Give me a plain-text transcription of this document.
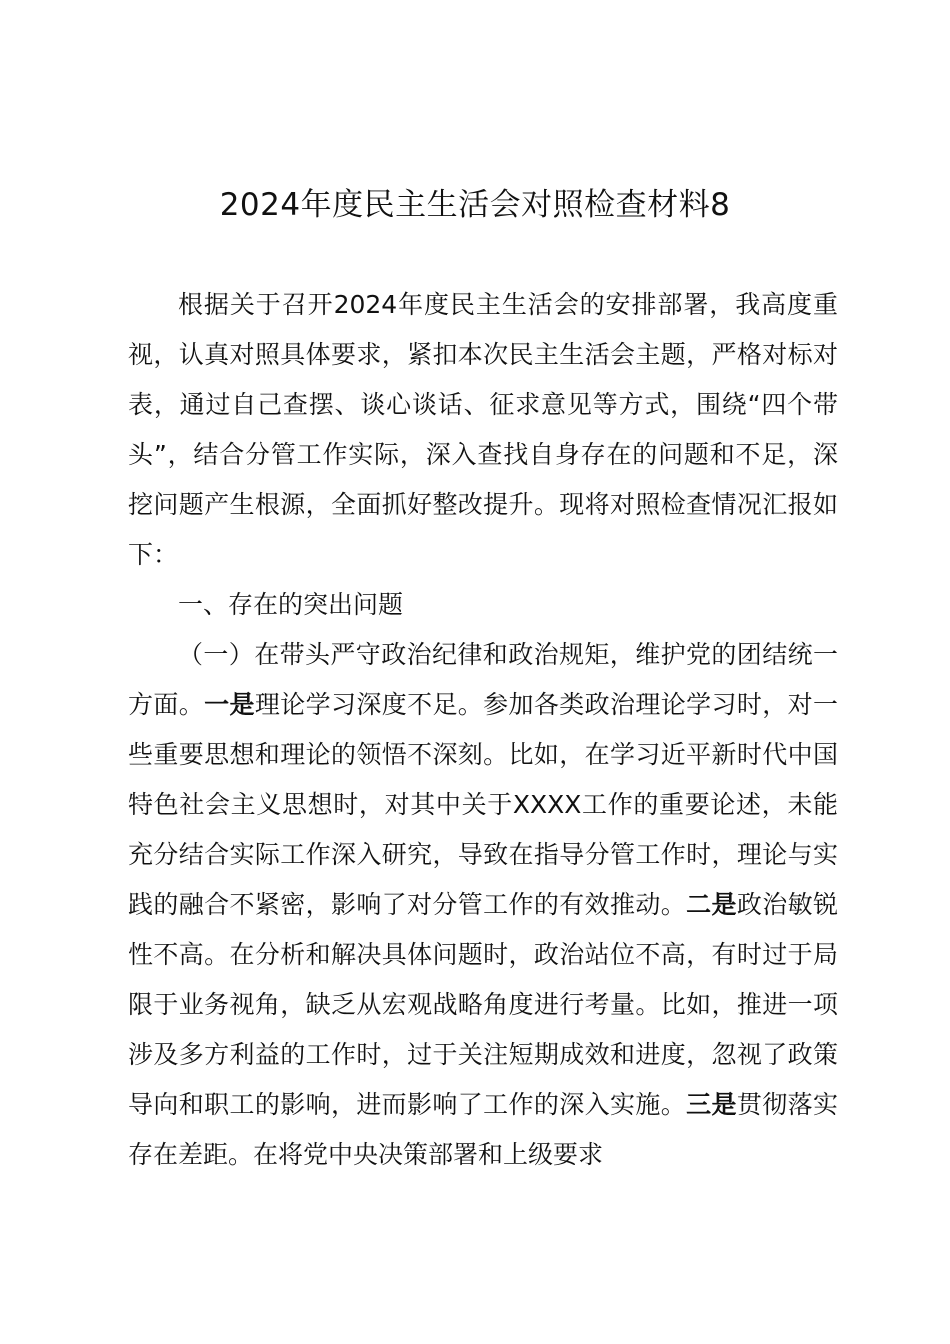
2024年度民主生活会对照检查材料8

根据关于召开2024年度民主生活会的安排部署，我高度重视，认真对照具体要求，紧扣本次民主生活会主题，严格对标对表，通过自己查摆、谈心谈话、征求意见等方式，围绕“四个带头”，结合分管工作实际，深入查找自身存在的问题和不足，深挖问题产生根源，全面抓好整改提升。现将对照检查情况汇报如下：

一、存在的突出问题

（一）在带头严守政治纪律和政治规矩，维护党的团结统一方面。一是理论学习深度不足。参加各类政治理论学习时，对一些重要思想和理论的领悟不深刻。比如，在学习近平新时代中国特色社会主义思想时，对其中关于XXXX工作的重要论述，未能充分结合实际工作深入研究，导致在指导分管工作时，理论与实践的融合不紧密，影响了对分管工作的有效推动。二是政治敏锐性不高。在分析和解决具体问题时，政治站位不高，有时过于局限于业务视角，缺乏从宏观战略角度进行考量。比如，推进一项涉及多方利益的工作时，过于关注短期成效和进度，忽视了政策导向和职工的影响，进而影响了工作的深入实施。三是贯彻落实存在差距。在将党中央决策部署和上级要求
